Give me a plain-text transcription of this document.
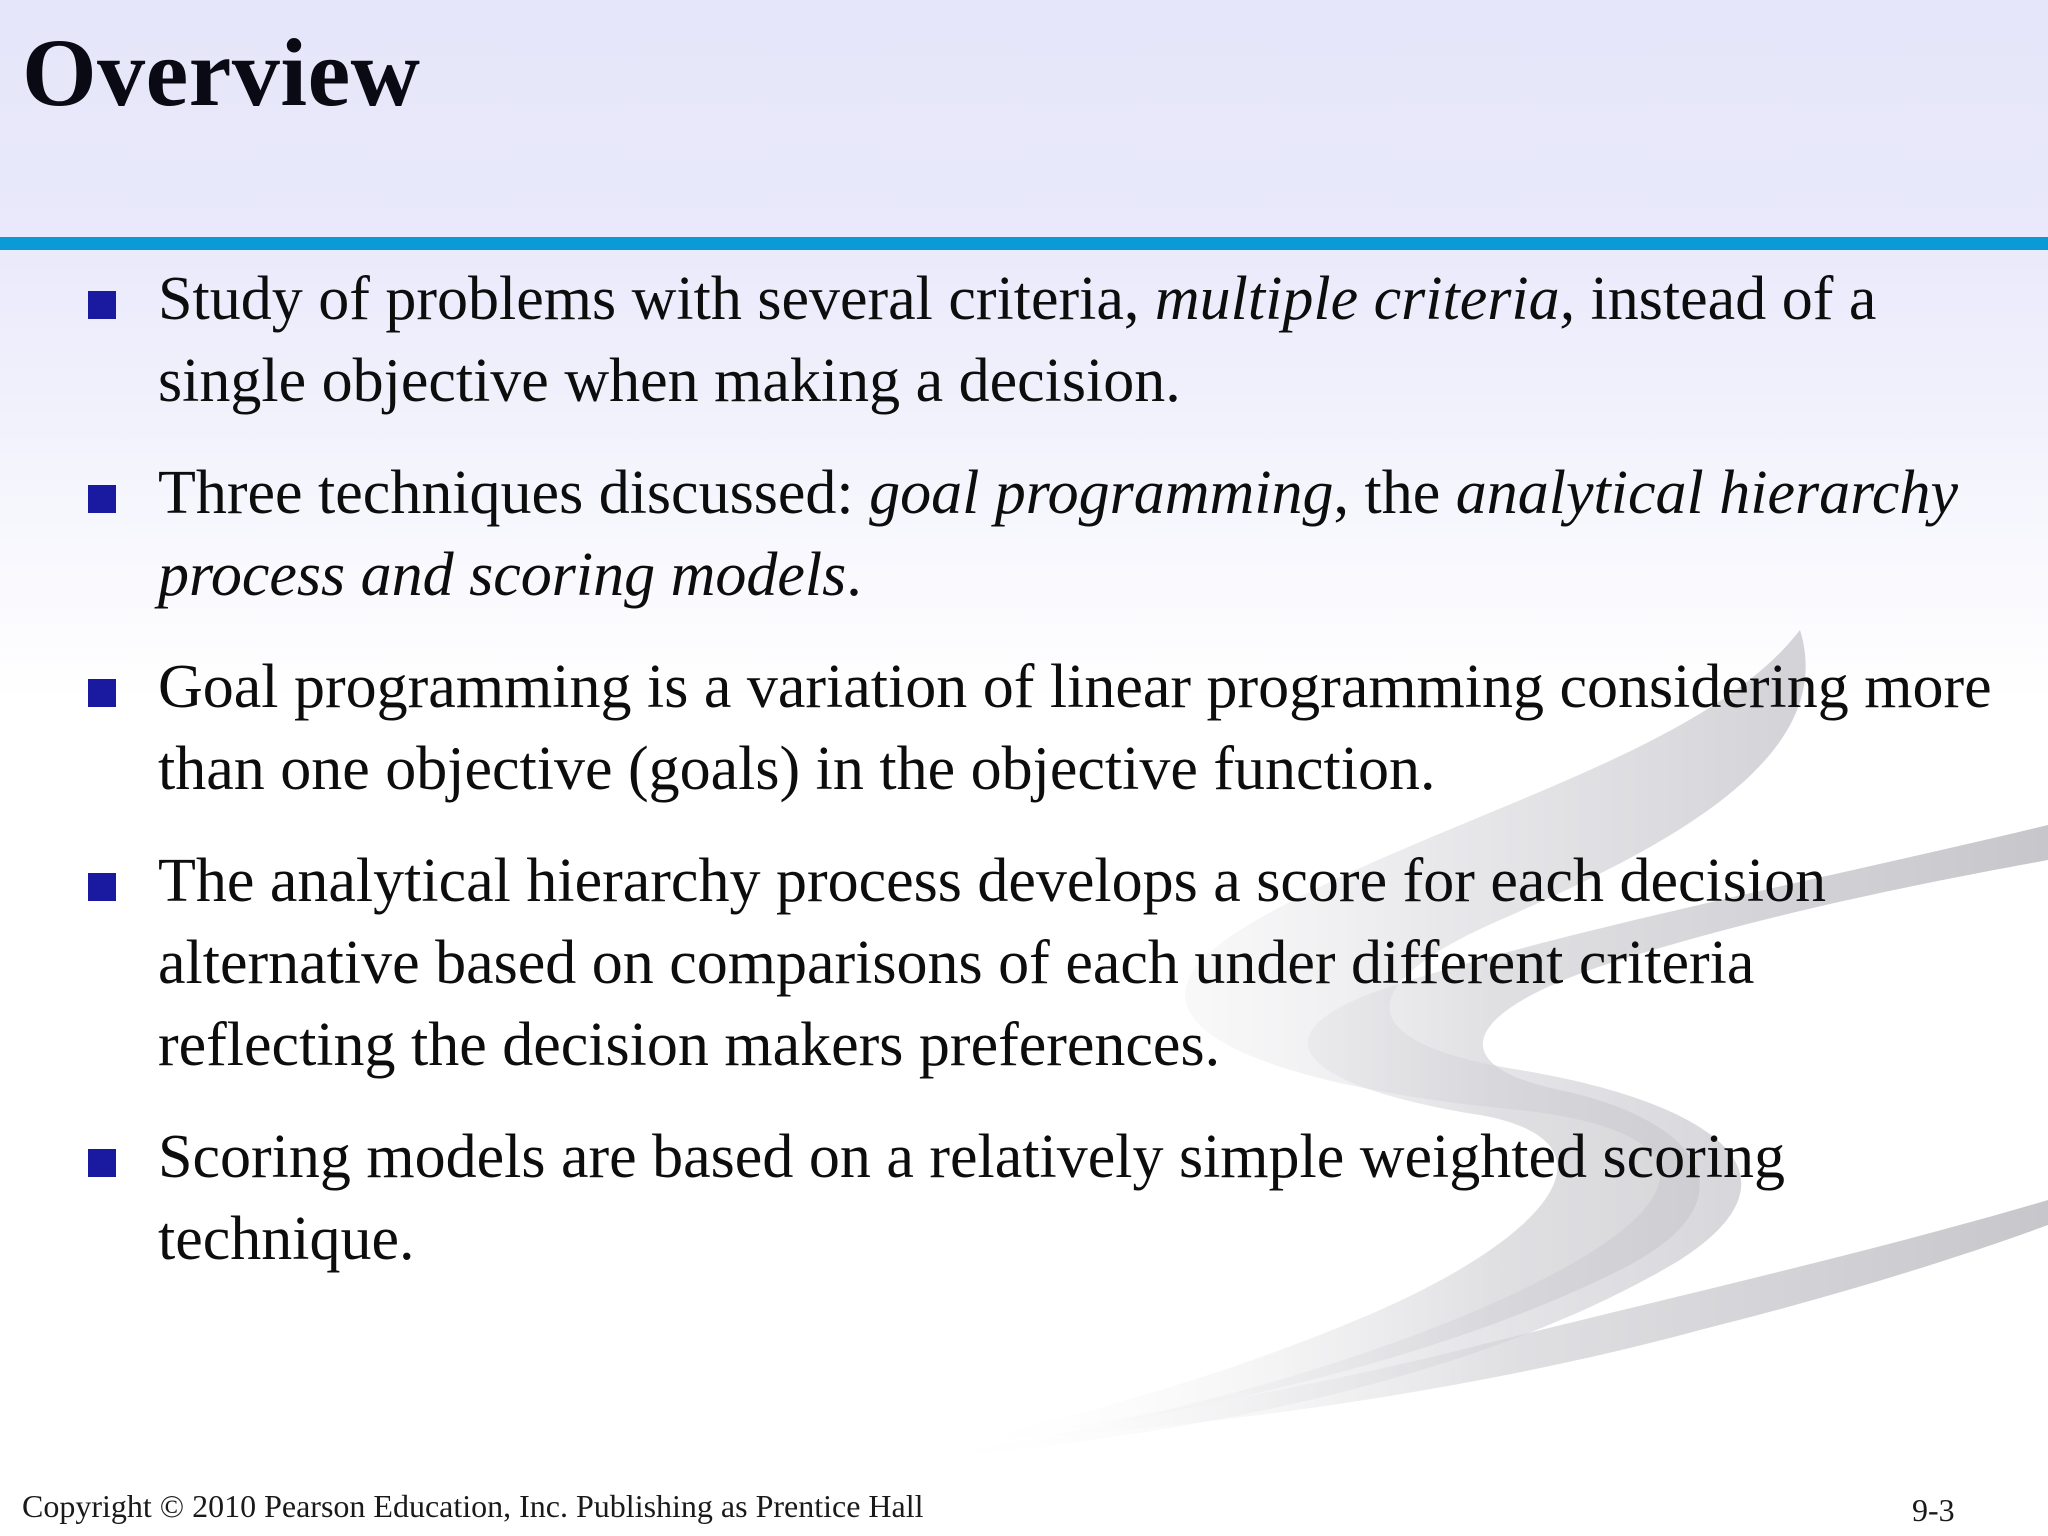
Overview
Study of problems with several criteria, multiple criteria, instead of a single objective when making a decision.
Three techniques discussed: goal programming, the analytical hierarchy process and scoring models.
Goal programming is a variation of linear programming considering more than one objective (goals) in the objective function.
The analytical hierarchy process develops a score for each decision alternative based on comparisons of each under different criteria reflecting the decision makers preferences.
Scoring models are based on a relatively simple weighted scoring technique.
Copyright © 2010 Pearson Education, Inc. Publishing as Prentice Hall	9-3
